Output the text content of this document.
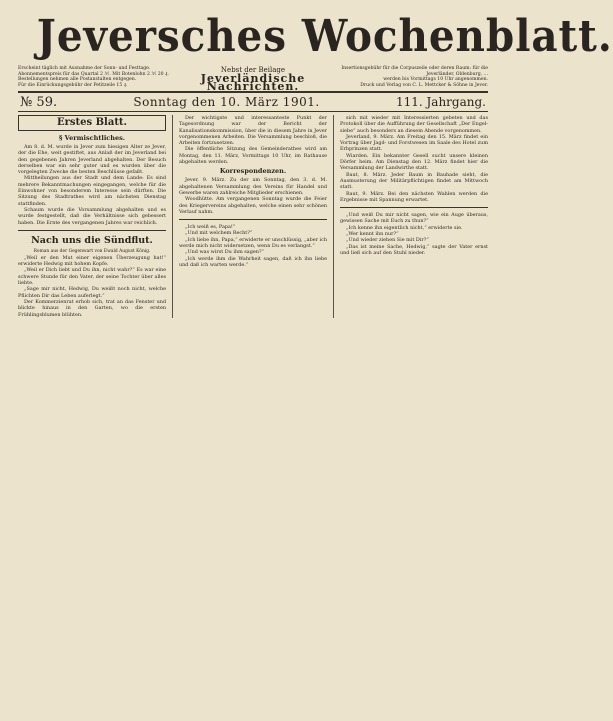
Jeversches Wochenblatt.
Erscheint täglich mit Ausnahme der Sonn- und Festtage.
Abonnementspreis für das Quartal 2 ℳ. Mit Botenlohn 2 ℳ 20 ₰.
Bestellungen nehmen alle Postanstalten entgegen.
Für die Einrückungsgebühr der Petitzeile 15 ₰.
Nebst der Beilage
Jeverländische Nachrichten.
Insertionsgebühr für die Corpuszeile oder deren Raum: für die Jeverländer, Oldenburg, ...
werden bis Vormittags 10 Uhr angenommen.
Druck und Verlag von C. L. Mettcker & Söhne in Jever.
№ 59.	Sonntag den 10. März 1901.	111. Jahrgang.
Erstes Blatt.

§ Vermischtliches.

Am 8. d. M. wurde in Jever zum hiesigen Alter ze Jever, der die Ehe, weit gestiftet, aus Anlaß der im Jeverland bei den gegebenen Jahren Jeverland abgehalten. Der Besuch derselben war ein sehr guter und es wurden über die vorgelegten Zwecke die besten Beschlüsse gefaßt.

Mittheilungen aus der Stadt und dem Lande: Es sind mehrere Bekanntmachungen eingegangen, welche für die Einwohner von besonderem Interesse sein dürften. Die Sitzung des Stadtrathes wird am nächsten Dienstag stattfinden.

Schaum wurde die Vorsammlung abgehalten und es wurde festgestellt, daß die Verhältnisse sich gebessert haben. Die Ernte des vergangenen Jahres war reichlich.

Nach uns die Sündflut.

Roman aus der Gegenwart von Ewald August König.

„Weil er den Mut einer eigenen Überzeugung hat!“ erwiderte Hedwig mit hohem Kopfe.

„Weil er Dich liebt und Du ihn, nicht wahr?“ Es war eine schwere Stunde für den Vater, der seine Tochter über alles liebte.

„Sage mir nicht, Hedwig, Du weißt noch nicht, welche Pflichten Dir das Leben auferlegt.“

Der Kommerzienrat erhob sich, trat an das Fenster und blickte hinaus in den Garten, wo die ersten Frühlingsblumen blühten.

Der wichtigste und interessanteste Punkt der Tagesordnung war der Bericht der Kanalisationskommission, über die in diesem Jahre in Jever vorgenommenen Arbeiten. Die Versammlung beschloß, die Arbeiten fortzusetzen.

Die öffentliche Sitzung des Gemeinderathes wird am Montag, den 11. März, Vormittags 10 Uhr, im Rathause abgehalten werden.

Korrespondenzen.

Jever, 9. März. Zu der am Sonntag, den 3. d. M. abgehaltenen Versammlung des Vereins für Handel und Gewerbe waren zahlreiche Mitglieder erschienen.

Woodhütte. Am vergangenen Sonntag wurde die Feier des Kriegervereins abgehalten, welche einen sehr schönen Verlauf nahm.

„Ich weiß es, Papa!“

„Und mit welchem Recht?“

„Ich liebe ihn, Papa,“ erwiderte er unschlüssig, „aber ich werde mich nicht widersetzen, wenn Du es verlangst.“

„Und was wirst Du ihm sagen?“

„Ich werde ihm die Wahrheit sagen, daß ich ihn liebe und daß ich warten werde.“

sich mit wieder mit Interessierten gebeten und das Protokoll über die Aufführung der Gesellschaft „Der Engel-siebe“ auch besonders an diesem Abende vorgenommen.

Jeverland, 9. März. Am Freitag den 15. März findet ein Vortrag über Jagd- und Forstwesen im Saale des Hotel zum Erbprinzen statt.

Wiarden. Ein bekannter Gesell sucht unsere kleinen Dörfer heim. Am Dienstag den 12. März findet hier die Versammlung der Landwirthe statt.

Baut, 8. März. Jeder Baum in Bauhade sieht, die Ausmusterung der Militärpflichtigen findet am Mittwoch statt.

Baut, 9. März. Bei den nächsten Wahlen werden die Ergebnisse mit Spannung erwartet.

„Und weiß Du mir nicht sagen, wie ein Auge überaus, gewissen Sache mit Euch zu thun?“

„Ich kenne ihn eigentlich nicht,“ erwiderte sie.

„Wer kennt ihn nur?“

„Und wieder ziehen Sie mit Dir?“

„Das ist meine Sache, Hedwig,“ sagte der Vater ernst und ließ sich auf den Stuhl nieder.
